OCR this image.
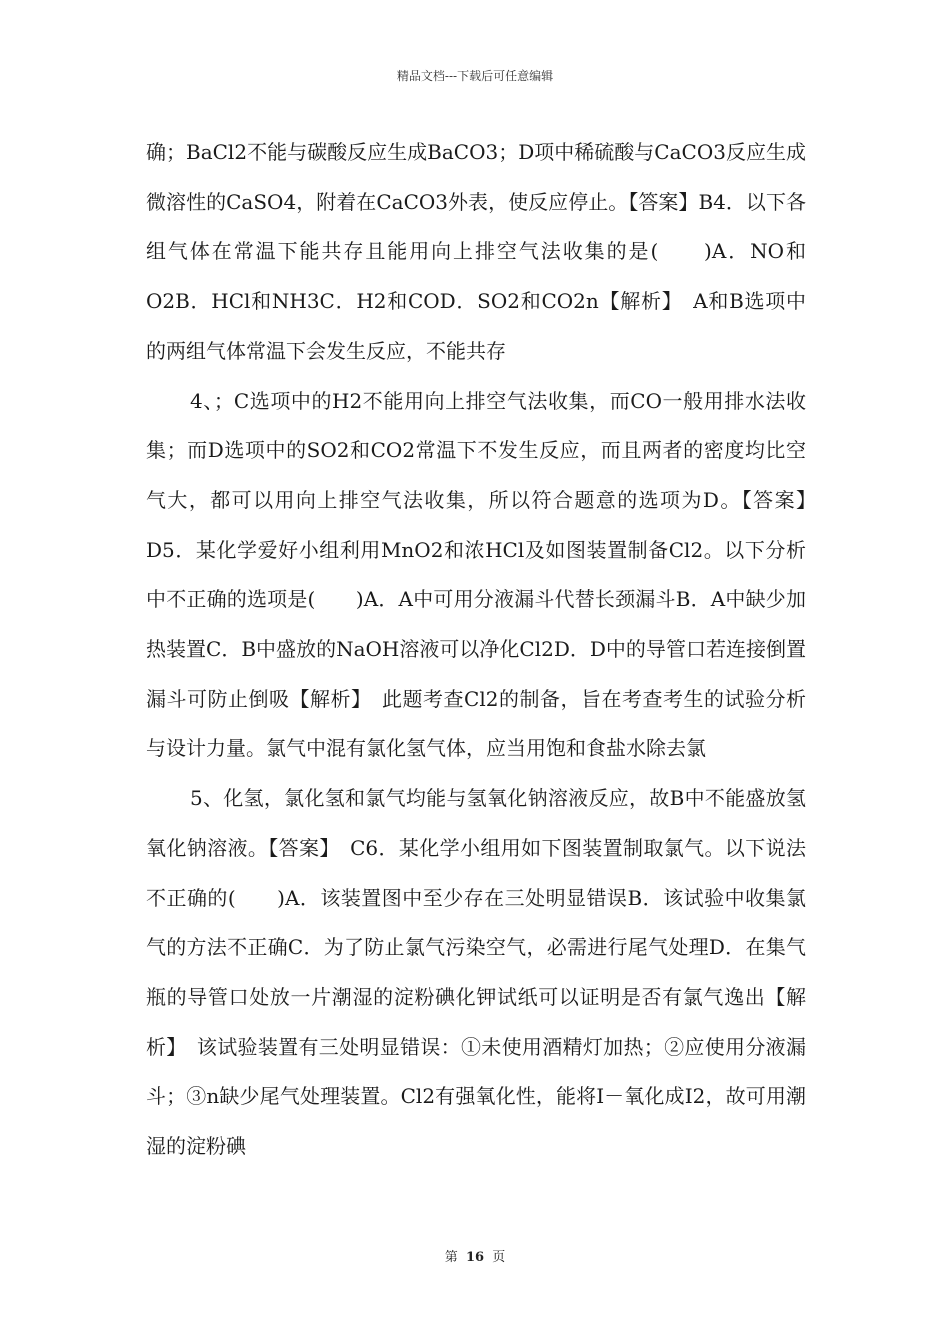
精品文档---下载后可任意编辑

确；BaCl2不能与碳酸反应生成BaCO3；D项中稀硫酸与CaCO3反应生成微溶性的CaSO4，附着在CaCO3外表，使反应停止。【答案】B4．以下各组气体在常温下能共存且能用向上排空气法收集的是(　　)A．NO和O2B．HCl和NH3C．H2和COD．SO2和CO2n【解析】　A和B选项中的两组气体常温下会发生反应，不能共存

4、；C选项中的H2不能用向上排空气法收集，而CO一般用排水法收集；而D选项中的SO2和CO2常温下不发生反应，而且两者的密度均比空气大，都可以用向上排空气法收集，所以符合题意的选项为D。【答案】　D5．某化学爱好小组利用MnO2和浓HCl及如图装置制备Cl2。以下分析中不正确的选项是(　　)A．A中可用分液漏斗代替长颈漏斗B．A中缺少加热装置C．B中盛放的NaOH溶液可以净化Cl2D．D中的导管口若连接倒置漏斗可防止倒吸【解析】　此题考查Cl2的制备，旨在考查考生的试验分析与设计力量。氯气中混有氯化氢气体，应当用饱和食盐水除去氯

5、化氢，氯化氢和氯气均能与氢氧化钠溶液反应，故B中不能盛放氢氧化钠溶液。【答案】　C6．某化学小组用如下图装置制取氯气。以下说法不正确的(　　)A．该装置图中至少存在三处明显错误B．该试验中收集氯气的方法不正确C．为了防止氯气污染空气，必需进行尾气处理D．在集气瓶的导管口处放一片潮湿的淀粉碘化钾试纸可以证明是否有氯气逸出【解析】　该试验装置有三处明显错误：①未使用酒精灯加热；②应使用分液漏斗；③n缺少尾气处理装置。Cl2有强氧化性，能将I－氧化成I2，故可用潮湿的淀粉碘

第 16 页
